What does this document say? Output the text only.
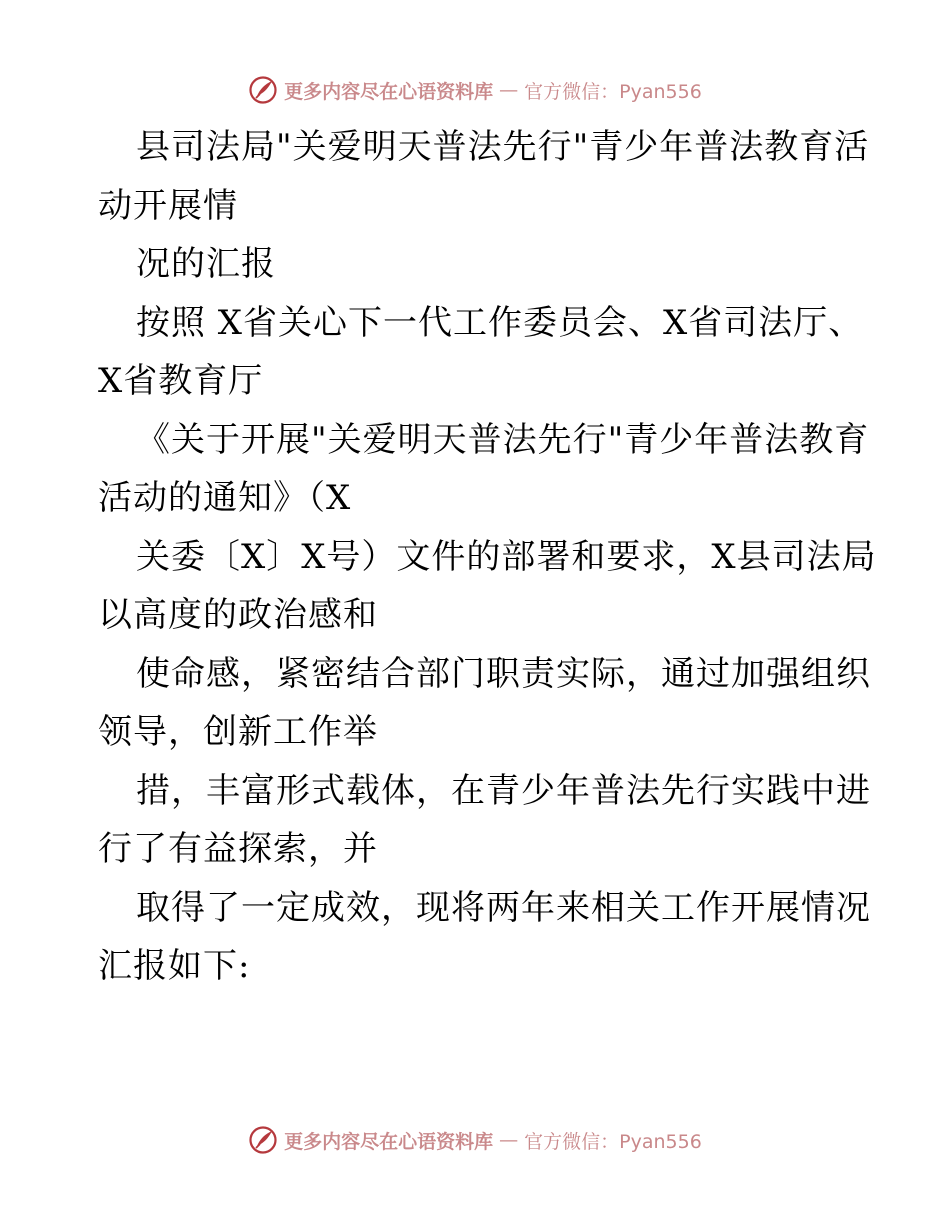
更多内容尽在心语资料库 — 官方微信：Pyan556
县司法局"关爱明天普法先行"青少年普法教育活
动开展情
况的汇报
按照 X省关心下一代工作委员会、X省司法厅、
X省教育厅
《关于开展"关爱明天普法先行"青少年普法教育
活动的通知》（X
关委〔X〕X号）文件的部署和要求，X县司法局
以高度的政治感和
使命感，紧密结合部门职责实际，通过加强组织
领导，创新工作举
措，丰富形式载体，在青少年普法先行实践中进
行了有益探索，并
取得了一定成效，现将两年来相关工作开展情况
汇报如下:
更多内容尽在心语资料库 — 官方微信：Pyan556
